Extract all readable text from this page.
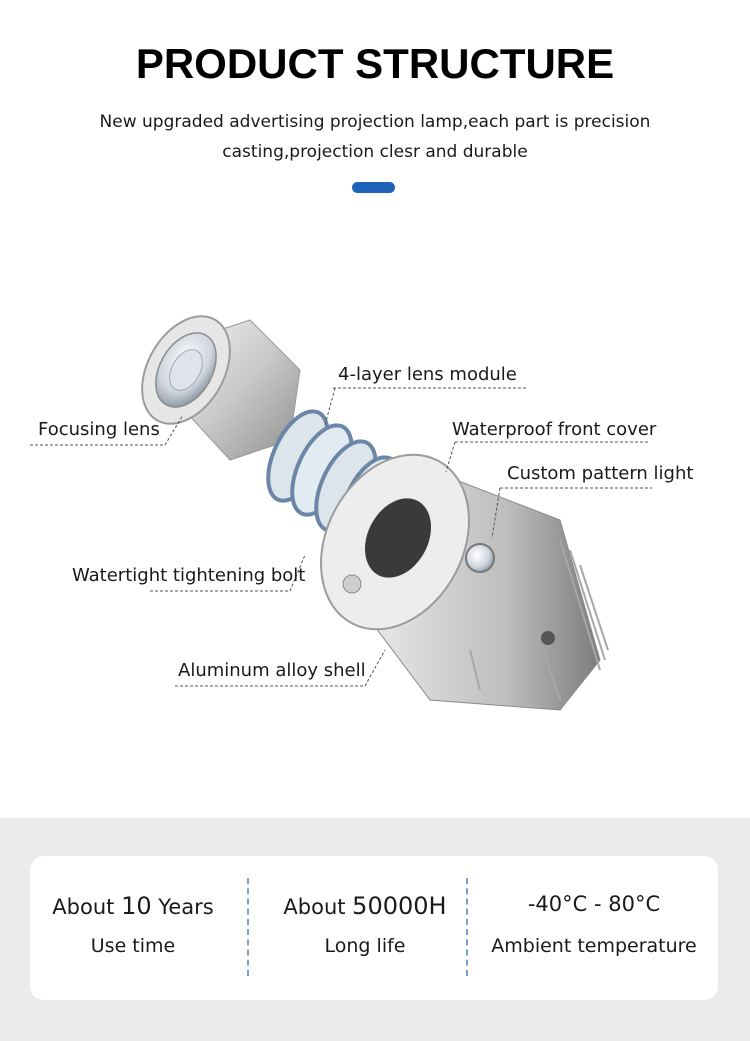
PRODUCT STRUCTURE
New upgraded advertising projection lamp,each part is precision
casting,projection clesr and durable
4-layer lens module
Focusing lens	Waterproof front cover
Custom pattern light
Watertight tightening bolt
Aluminum alloy shell
About 10 Years
Use time
About 50000H
Long life
-40°C - 80°C
Ambient temperature
